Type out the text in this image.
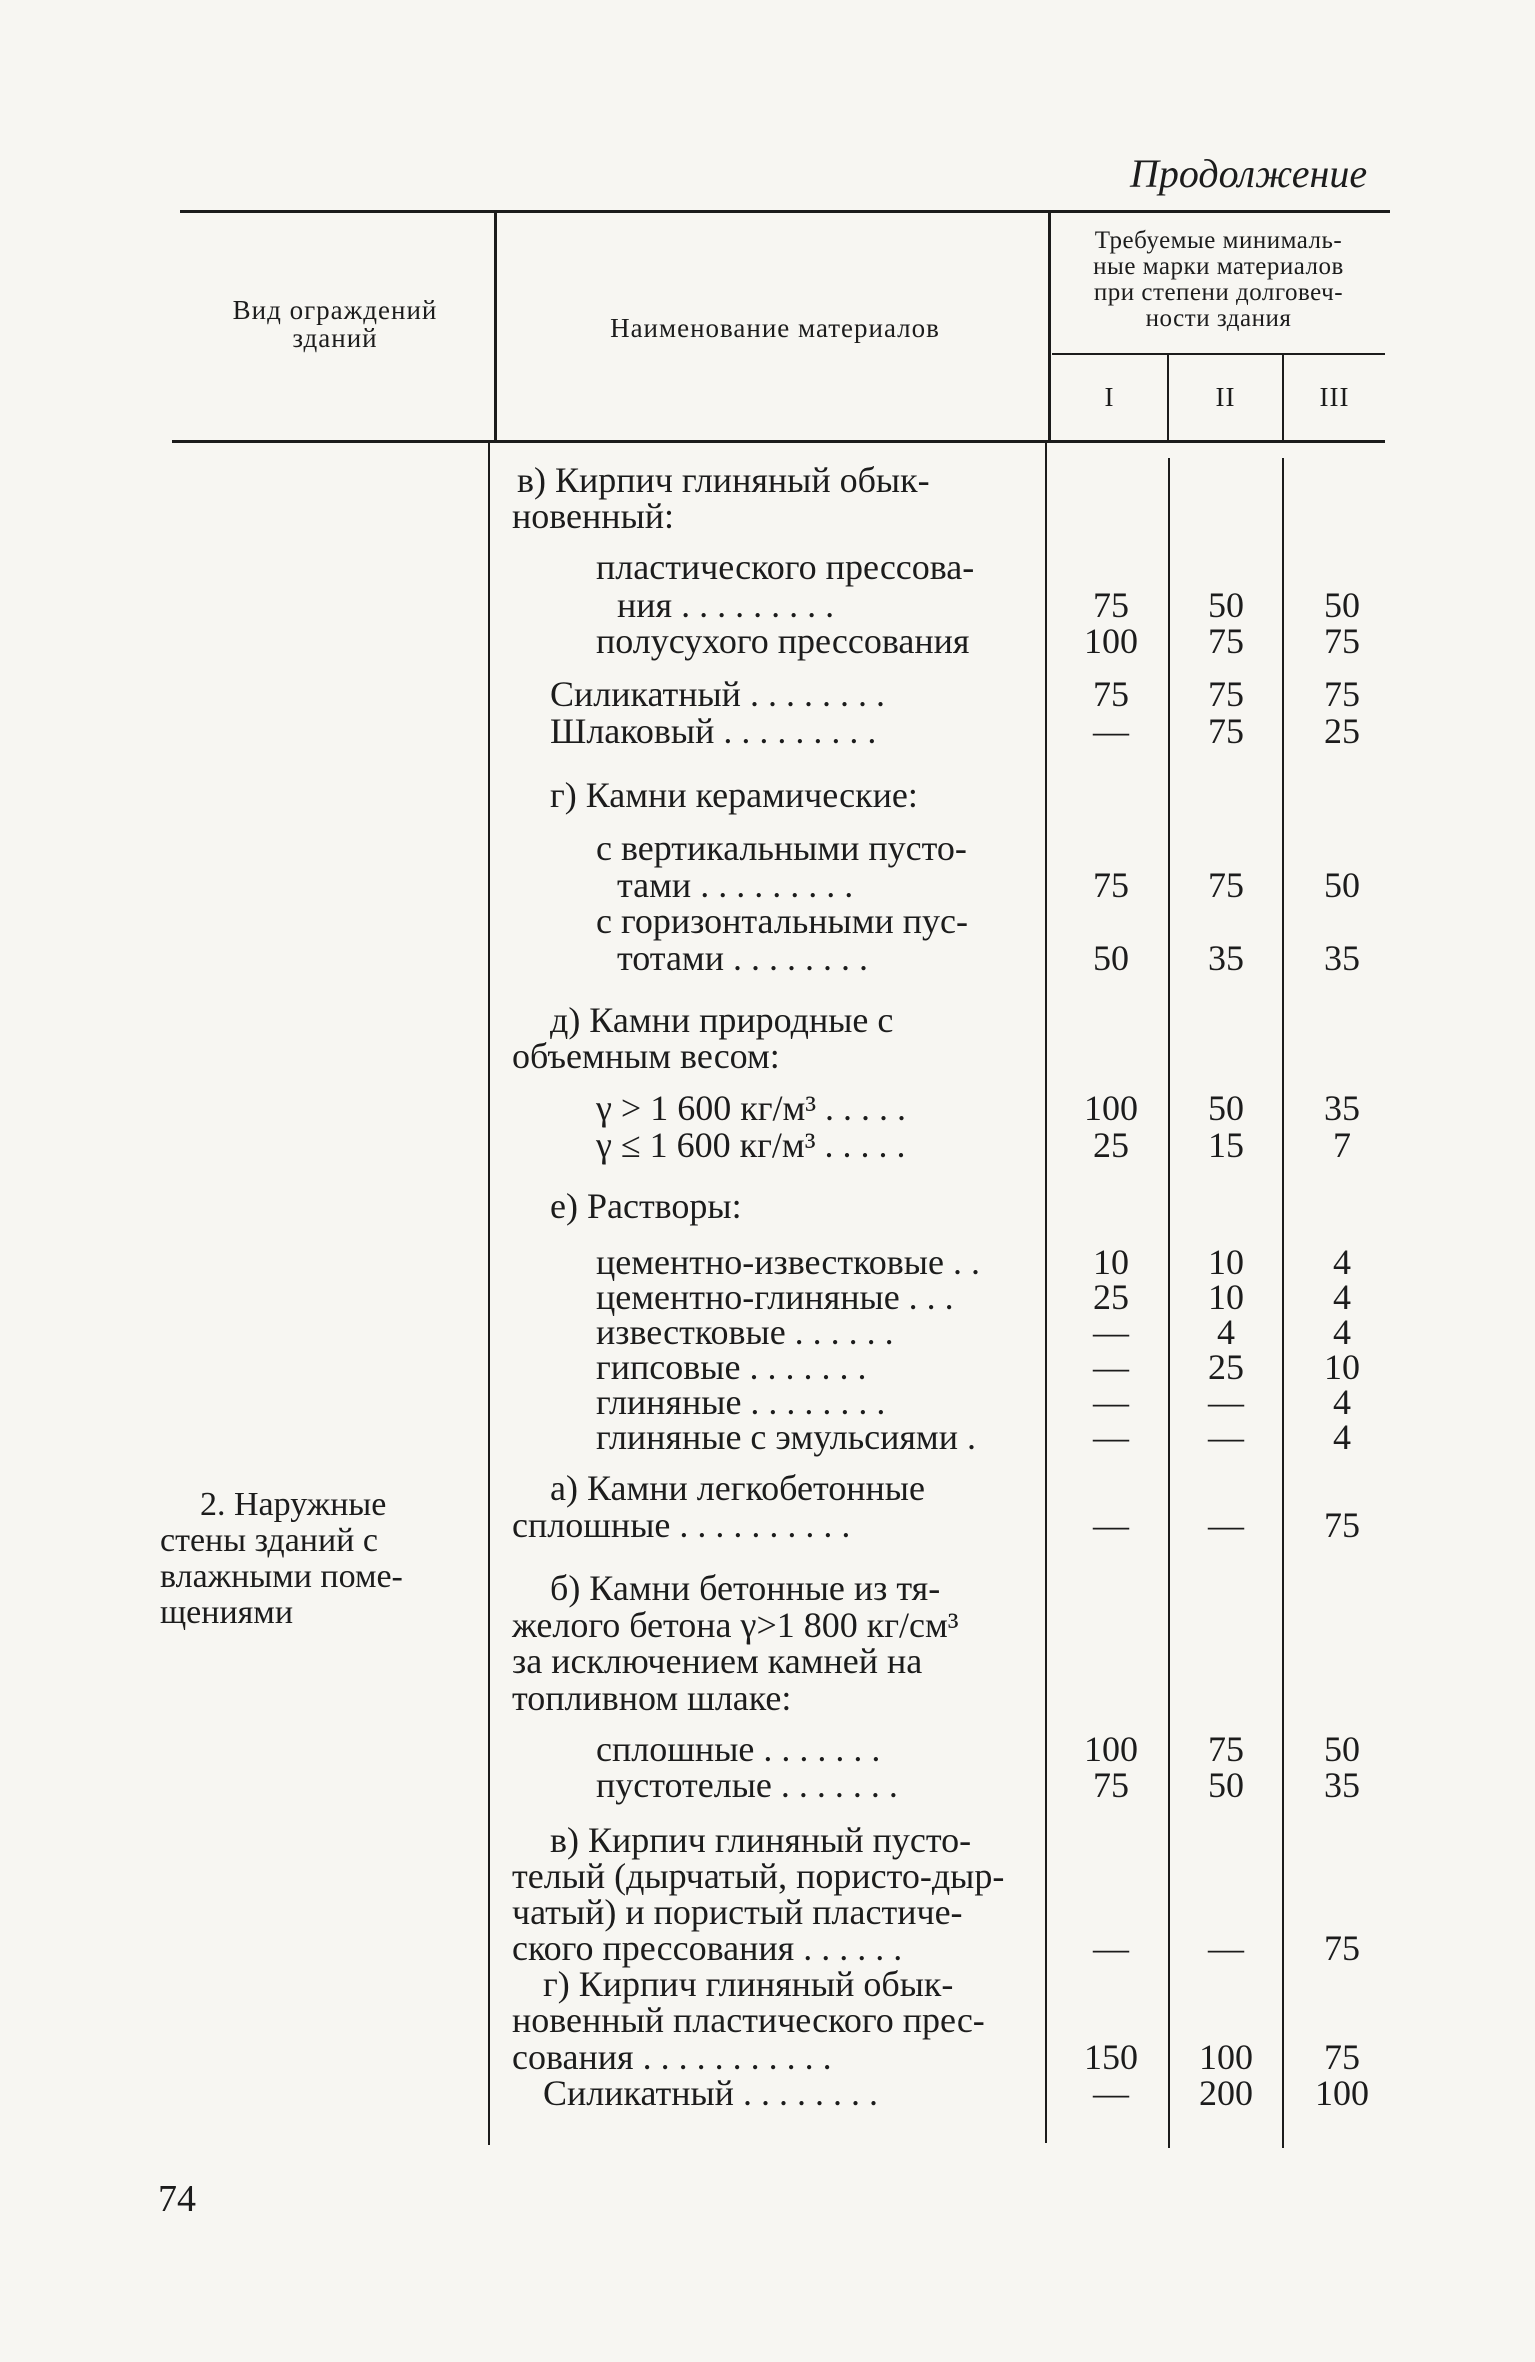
Продолжение
Вид ограждений
зданий	Наименование материалов
Требуемые минималь-
ные марки материалов
при степени долговеч-
ности здания
I	II	III
2. Наружные
стены зданий с
влажными поме-
щениями
в) Кирпич глиняный обык-
новенный:
пластического прессова-
ния . . . . . . . . .	75	50	50
полусухого прессования	100	75	75
Силикатный . . . . . . . .	75	75	75
Шлаковый . . . . . . . . .	—	75	25
г) Камни керамические:
с вертикальными пусто-
тами . . . . . . . . .	75	75	50
с горизонтальными пус-
тотами . . . . . . . .	50	35	35
д) Камни природные с
объемным весом:
γ > 1 600 кг/м³ . . . . .	100	50	35
γ ≤ 1 600 кг/м³ . . . . .	25	15	7
е) Растворы:
цементно-известковые . .	10	10	4
цементно-глиняные . . .	25	10	4
известковые . . . . . .	—	4	4
гипсовые . . . . . . .	—	25	10
глиняные . . . . . . . .	—	—	4
глиняные с эмульсиями .	—	—	4
а) Камни легкобетонные
сплошные . . . . . . . . . .	—	—	75
б) Камни бетонные из тя-
желого бетона γ>1 800 кг/см³
за исключением камней на
топливном шлаке:
сплошные . . . . . . .	100	75	50
пустотелые . . . . . . .	75	50	35
в) Кирпич глиняный пусто-
телый (дырчатый, пористо-дыр-
чатый) и пористый пластиче-
ского прессования . . . . . .	—	—	75
г) Кирпич глиняный обык-
новенный пластического прес-
сования . . . . . . . . . . .	150	100	75
Силикатный . . . . . . . .	—	200	100
74
